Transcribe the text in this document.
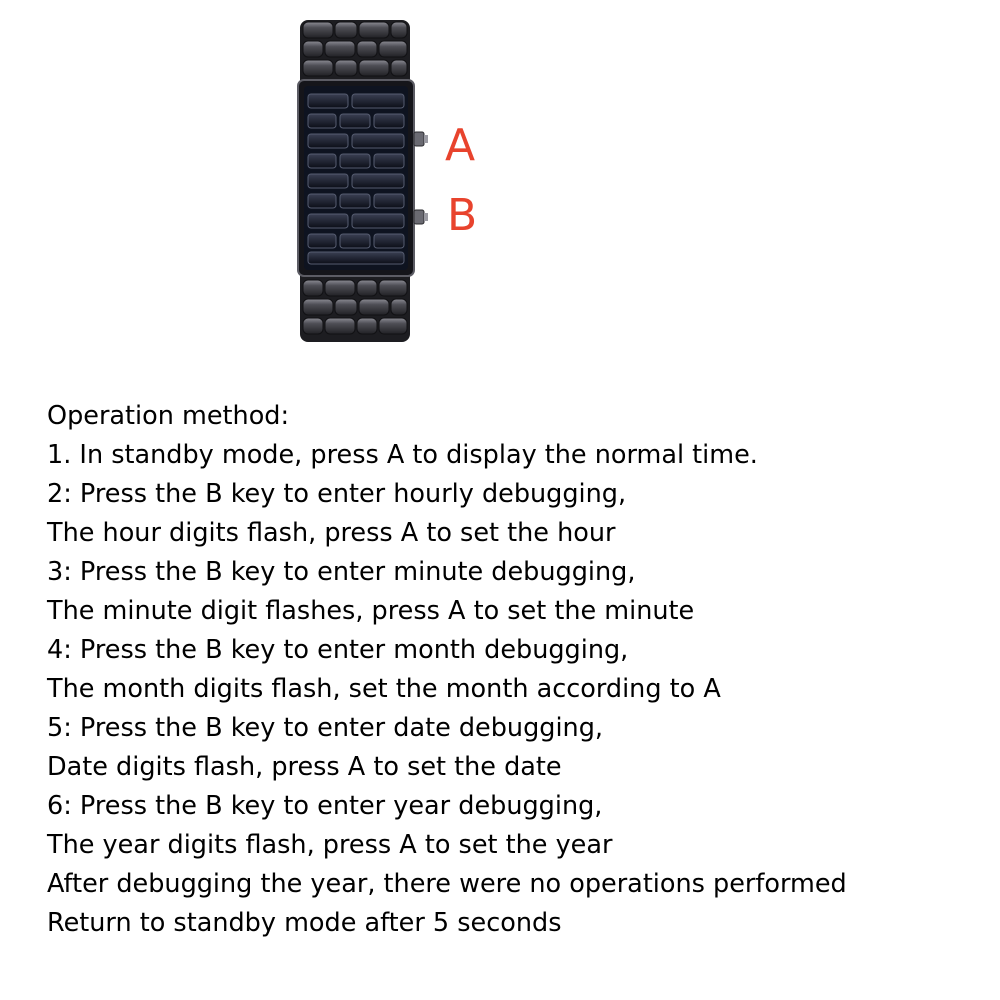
A
B
Operation method:
1. In standby mode, press A to display the normal time.
2: Press the B key to enter hourly debugging,
The hour digits flash, press A to set the hour
3: Press the B key to enter minute debugging,
The minute digit flashes, press A to set the minute
4: Press the B key to enter month debugging,
The month digits flash, set the month according to A
5: Press the B key to enter date debugging,
Date digits flash, press A to set the date
6: Press the B key to enter year debugging,
The year digits flash, press A to set the year
After debugging the year, there were no operations performed
Return to standby mode after 5 seconds
